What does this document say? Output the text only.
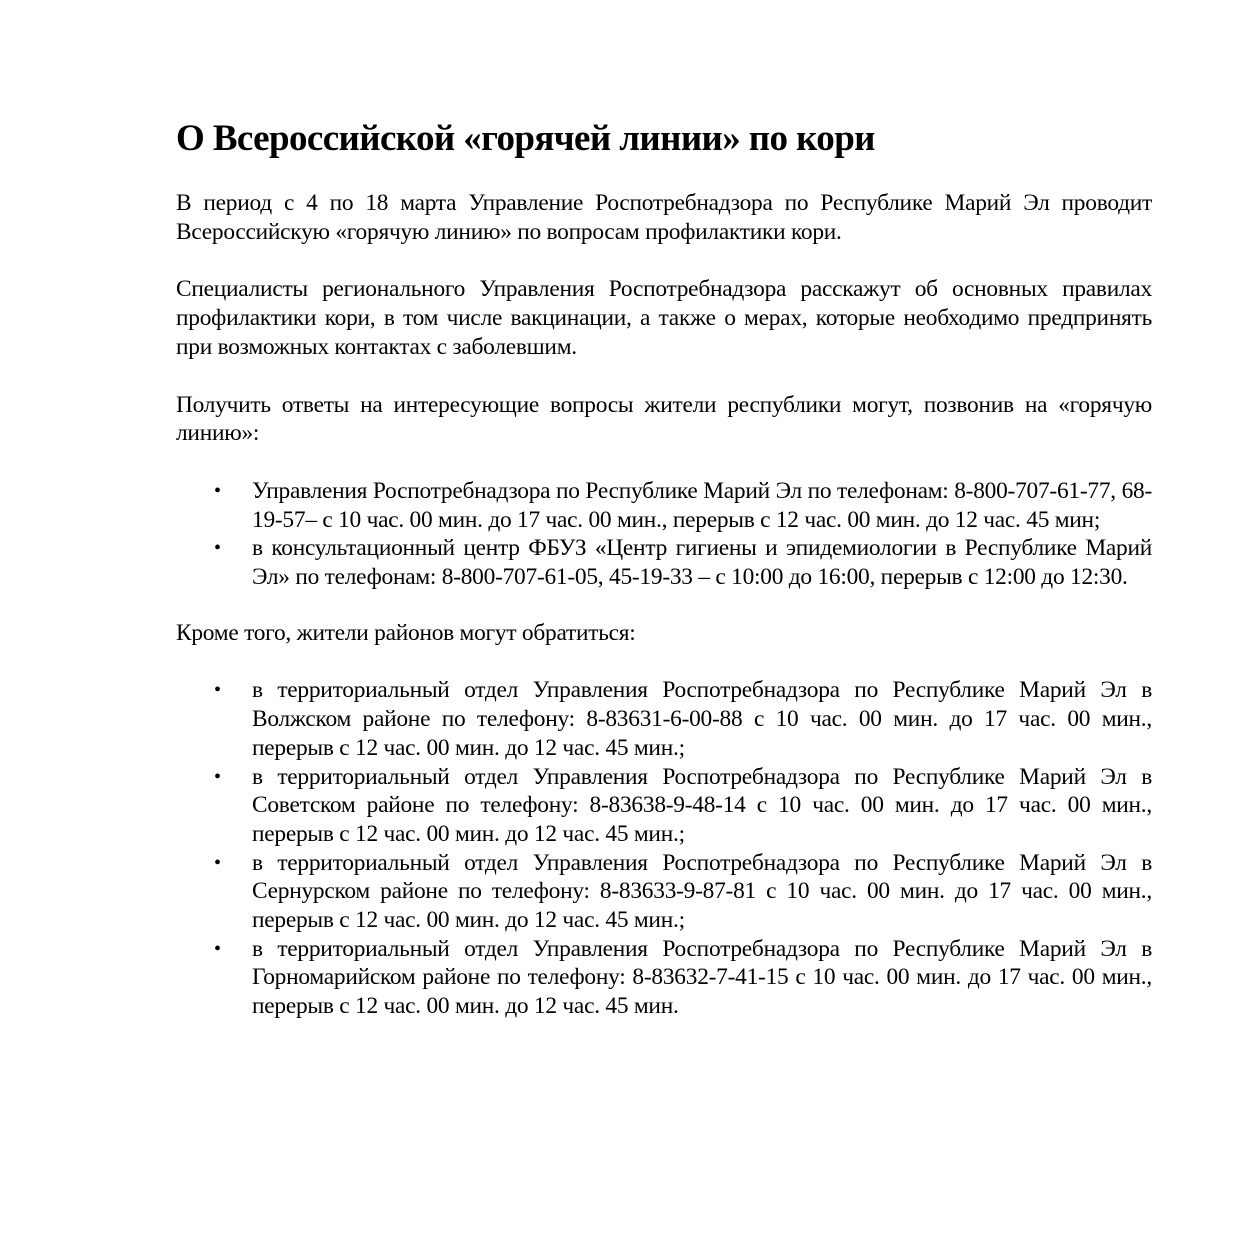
О Всероссийской «горячей линии» по кори

В период с 4 по 18 марта Управление Роспотребнадзора по Республике Марий Эл проводит Всероссийскую «горячую линию» по вопросам профилактики кори.

Специалисты регионального Управления Роспотребнадзора расскажут об основных правилах профилактики кори, в том числе вакцинации, а также о мерах, которые необходимо предпринять при возможных контактах с заболевшим.

Получить ответы на интересующие вопросы жители республики могут, позвонив на «горячую линию»:

• Управления Роспотребнадзора по Республике Марий Эл по телефонам: 8-800-707-61-77, 68-19-57– с 10 час. 00 мин. до 17 час. 00 мин., перерыв с 12 час. 00 мин. до 12 час. 45 мин;
• в консультационный центр ФБУЗ «Центр гигиены и эпидемиологии в Республике Марий Эл» по телефонам: 8-800-707-61-05, 45-19-33 – с 10:00 до 16:00, перерыв с 12:00 до 12:30.

Кроме того, жители районов могут обратиться:

• в территориальный отдел Управления Роспотребнадзора по Республике Марий Эл в Волжском районе по телефону: 8-83631-6-00-88 с 10 час. 00 мин. до 17 час. 00 мин., перерыв с 12 час. 00 мин. до 12 час. 45 мин.;
• в территориальный отдел Управления Роспотребнадзора по Республике Марий Эл в Советском районе по телефону: 8-83638-9-48-14 с 10 час. 00 мин. до 17 час. 00 мин., перерыв с 12 час. 00 мин. до 12 час. 45 мин.;
• в территориальный отдел Управления Роспотребнадзора по Республике Марий Эл в Сернурском районе по телефону: 8-83633-9-87-81 с 10 час. 00 мин. до 17 час. 00 мин., перерыв с 12 час. 00 мин. до 12 час. 45 мин.;
• в территориальный отдел Управления Роспотребнадзора по Республике Марий Эл в Горномарийском районе по телефону: 8-83632-7-41-15 с 10 час. 00 мин. до 17 час. 00 мин., перерыв с 12 час. 00 мин. до 12 час. 45 мин.
